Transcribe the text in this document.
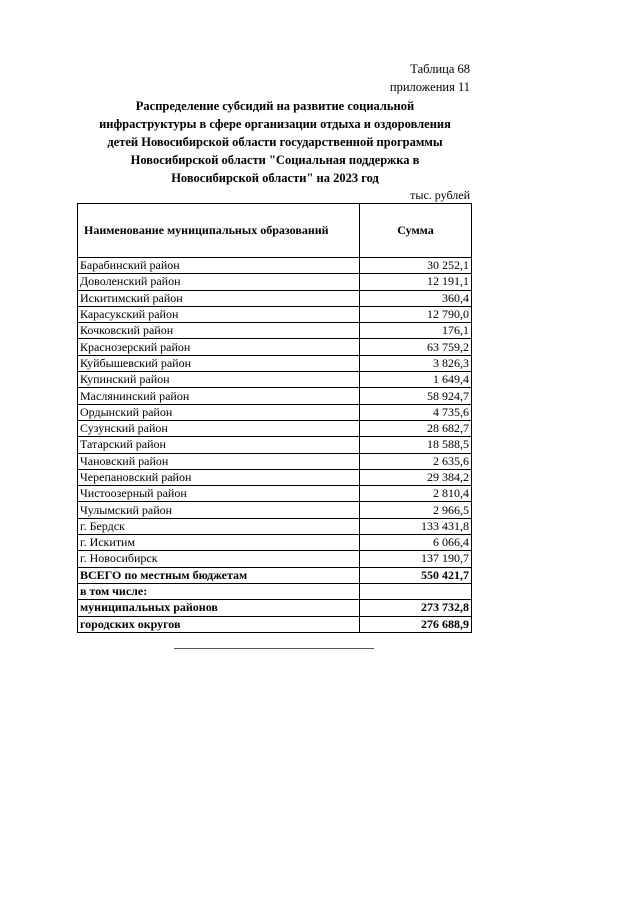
Таблица 68
приложения 11
Распределение субсидий на развитие социальной
инфраструктуры в сфере организации отдыха и оздоровления
детей Новосибирской области государственной программы
Новосибирской области "Социальная поддержка в
Новосибирской области" на 2023 год
тыс. рублей
Наименование муниципальных образований	Сумма
Барабинский район	30 252,1
Доволенский район	12 191,1
Искитимский район	360,4
Карасукский район	12 790,0
Кочковский район	176,1
Краснозерский район	63 759,2
Куйбышевский район	3 826,3
Купинский район	1 649,4
Маслянинский район	58 924,7
Ордынский район	4 735,6
Сузунский район	28 682,7
Татарский район	18 588,5
Чановский район	2 635,6
Черепановский район	29 384,2
Чистоозерный район	2 810,4
Чулымский район	2 966,5
г. Бердск	133 431,8
г. Искитим	6 066,4
г. Новосибирск	137 190,7
ВСЕГО по местным бюджетам	550 421,7
в том числе:	
муниципальных районов	273 732,8
городских округов	276 688,9
